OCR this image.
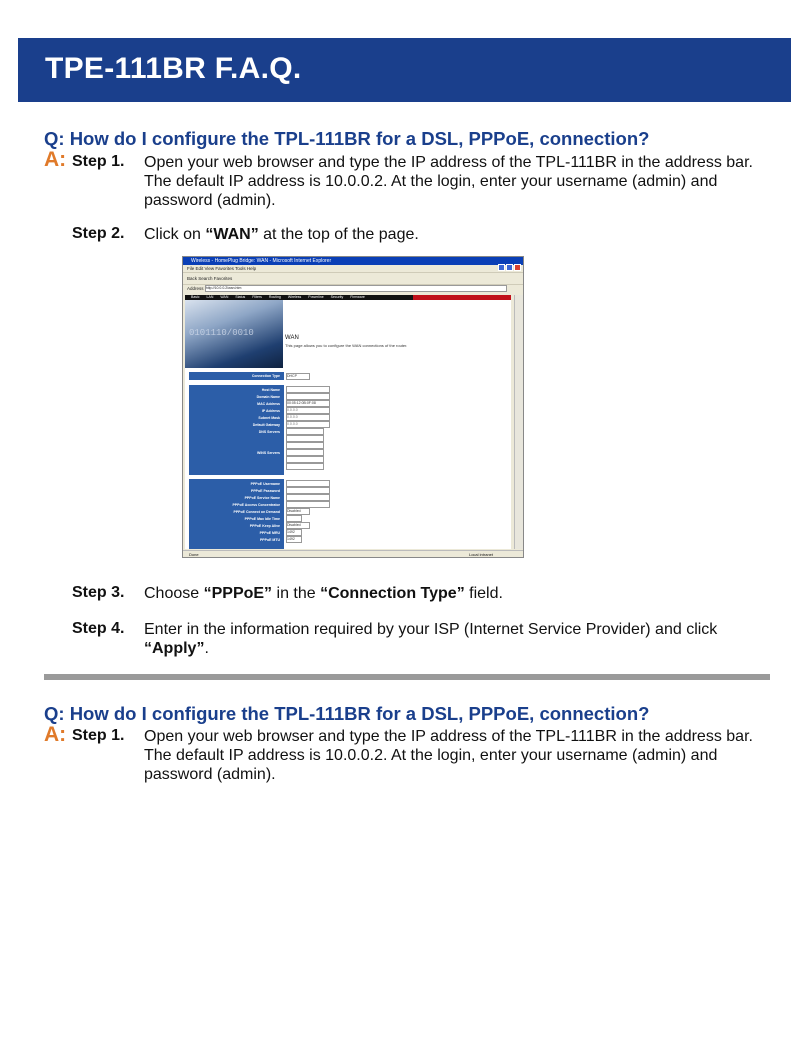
TPE-111BR F.A.Q.
Q: How do I configure the TPL-111BR for a DSL, PPPoE, connection?
A: Step 1. Open your web browser and type the IP address of the TPL-111BR in the address bar. The default IP address is 10.0.0.2. At the login, enter your username (admin) and password (admin).
Step 2. Click on “WAN” at the top of the page.
Wireless - HomePlug Bridge: WAN - Microsoft Internet Explorer
File Edit View Favorites Tools Help
Back Search Favorites
Address http://10.0.0.2/wan.htm
Basic LAN WAN Status Filters Routing Wireless Powerline Security Firmware
0101110/0010	WAN
This page allows you to configure the WAN connections of the router.
Connection Type DHCP
Host Name
Domain Name
MAC Address
IP Address
Subnet Mask
Default Gateway
DNS Servers
WINS Servers
00:05:12:0B:0F:08
0.0.0.0
0.0.0.0
0.0.0.0
PPPoE Username
PPPoE Password
PPPoE Service Name
PPPoE Access Concentrator
PPPoE Connect on Demand
PPPoE Max Idle Time
PPPoE Keep Alive
PPPoE MRU
PPPoE MTU
Disabled
Disabled
1492
1492
Done	Local intranet
Step 3. Choose “PPPoE” in the “Connection Type” field.
Step 4. Enter in the information required by your ISP (Internet Service Provider) and click “Apply”.
Q: How do I configure the TPL-111BR for a DSL, PPPoE, connection?
A: Step 1. Open your web browser and type the IP address of the TPL-111BR in the address bar. The default IP address is 10.0.0.2. At the login, enter your username (admin) and password (admin).
